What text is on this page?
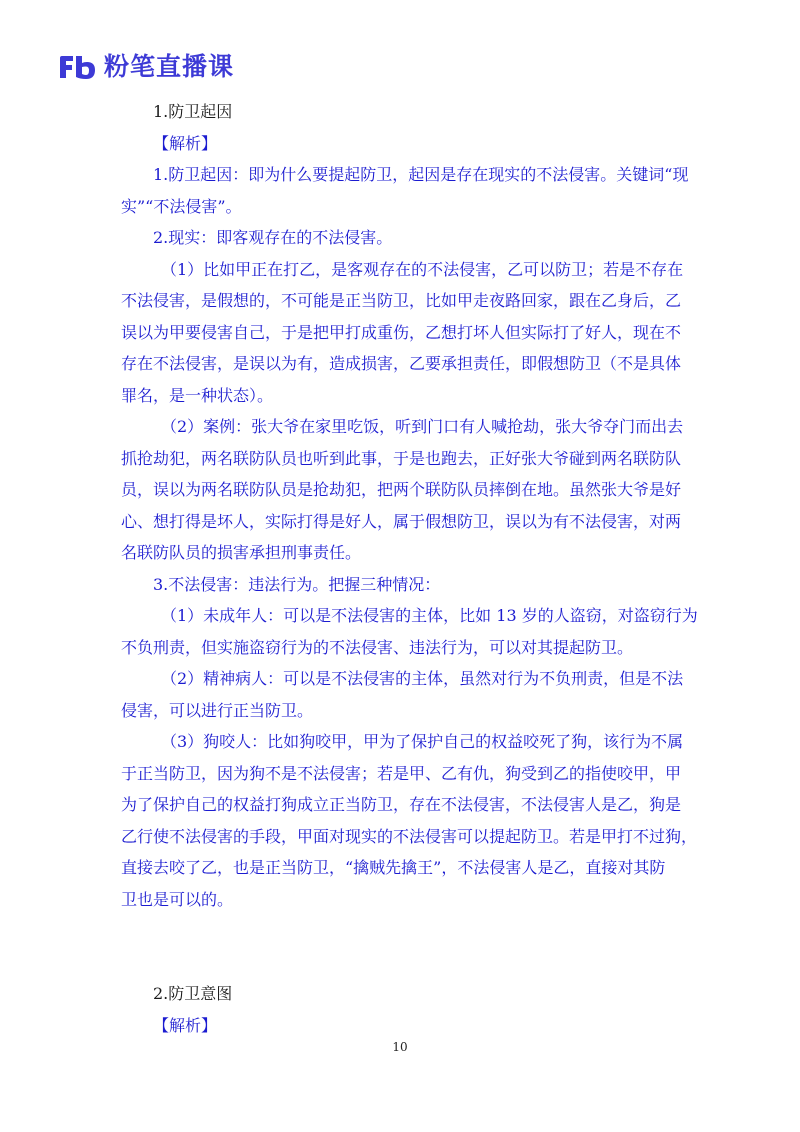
粉笔直播课
1.防卫起因
【解析】
1.防卫起因：即为什么要提起防卫，起因是存在现实的不法侵害。关键词“现
实”“不法侵害”。
2.现实：即客观存在的不法侵害。
（1）比如甲正在打乙，是客观存在的不法侵害，乙可以防卫；若是不存在
不法侵害，是假想的，不可能是正当防卫，比如甲走夜路回家，跟在乙身后，乙
误以为甲要侵害自己，于是把甲打成重伤，乙想打坏人但实际打了好人，现在不
存在不法侵害，是误以为有，造成损害，乙要承担责任，即假想防卫（不是具体
罪名，是一种状态）。
（2）案例：张大爷在家里吃饭，听到门口有人喊抢劫，张大爷夺门而出去
抓抢劫犯，两名联防队员也听到此事，于是也跑去，正好张大爷碰到两名联防队
员，误以为两名联防队员是抢劫犯，把两个联防队员摔倒在地。虽然张大爷是好
心、想打得是坏人，实际打得是好人，属于假想防卫，误以为有不法侵害，对两
名联防队员的损害承担刑事责任。
3.不法侵害：违法行为。把握三种情况：
（1）未成年人：可以是不法侵害的主体，比如 13 岁的人盗窃，对盗窃行为
不负刑责，但实施盗窃行为的不法侵害、违法行为，可以对其提起防卫。
（2）精神病人：可以是不法侵害的主体，虽然对行为不负刑责，但是不法
侵害，可以进行正当防卫。
（3）狗咬人：比如狗咬甲，甲为了保护自己的权益咬死了狗，该行为不属
于正当防卫，因为狗不是不法侵害；若是甲、乙有仇，狗受到乙的指使咬甲，甲
为了保护自己的权益打狗成立正当防卫，存在不法侵害，不法侵害人是乙，狗是
乙行使不法侵害的手段，甲面对现实的不法侵害可以提起防卫。若是甲打不过狗，
直接去咬了乙，也是正当防卫，“擒贼先擒王”，不法侵害人是乙，直接对其防
卫也是可以的。
2.防卫意图
【解析】
10
